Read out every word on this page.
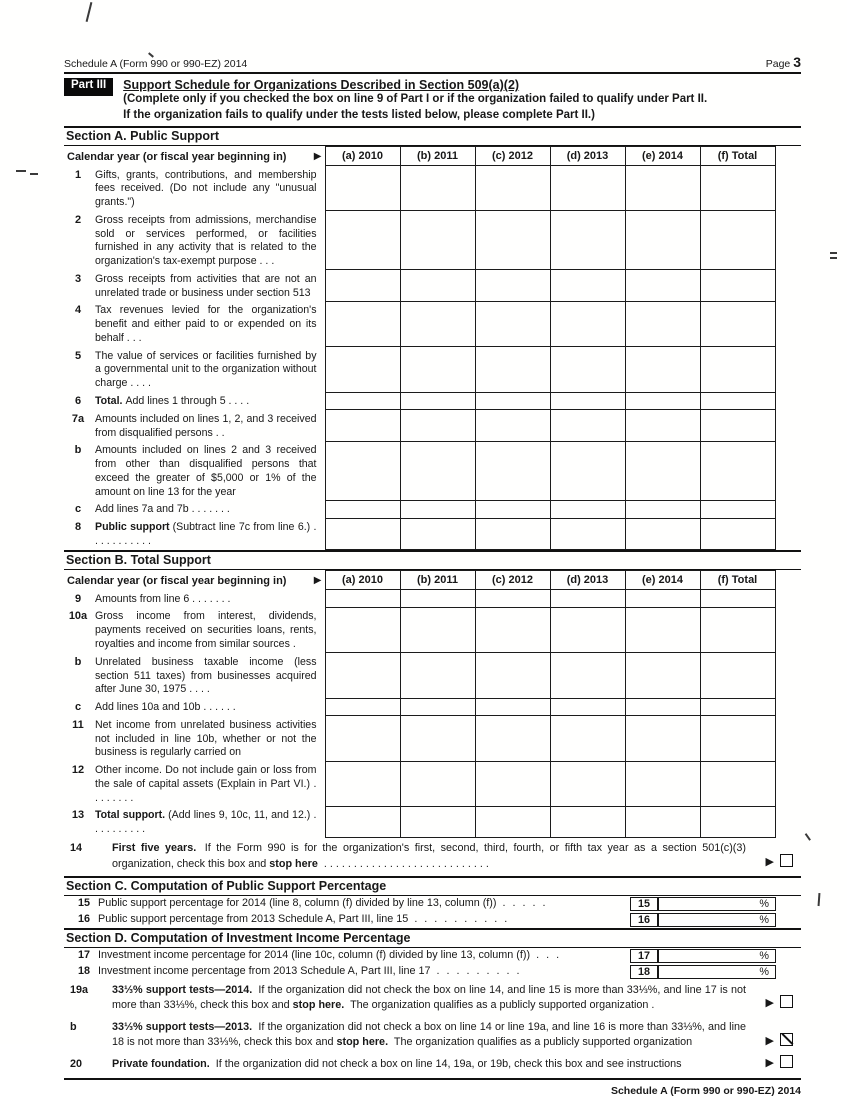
Schedule A (Form 990 or 990-EZ) 2014	Page 3
Part III	Support Schedule for Organizations Described in Section 509(a)(2)
(Complete only if you checked the box on line 9 of Part I or if the organization failed to qualify under Part II.
If the organization fails to qualify under the tests listed below, please complete Part II.)
Section A. Public Support
Calendar year (or fiscal year beginning in) ▶		(a) 2010	(b) 2011	(c) 2012	(d) 2013	(e) 2014	(f) Total
1	Gifts, grants, contributions, and membership fees received. (Do not include any "unusual grants.")						
2	Gross receipts from admissions, merchandise sold or services performed, or facilities furnished in any activity that is related to the organization's tax-exempt purpose . . .						
3	Gross receipts from activities that are not an unrelated trade or business under section 513						
4	Tax revenues levied for the organization's benefit and either paid to or expended on its behalf . . .						
5	The value of services or facilities furnished by a governmental unit to the organization without charge . . . .						
6	Total. Add lines 1 through 5 . . . .						
7a	Amounts included on lines 1, 2, and 3 received from disqualified persons . .						
b	Amounts included on lines 2 and 3 received from other than disqualified persons that exceed the greater of $5,000 or 1% of the amount on line 13 for the year						
c	Add lines 7a and 7b . . . . . . .						
8	Public support (Subtract line 7c from line 6.) . . . . . . . . . . .						
Section B. Total Support
Calendar year (or fiscal year beginning in) ▶		(a) 2010	(b) 2011	(c) 2012	(d) 2013	(e) 2014	(f) Total
9	Amounts from line 6 . . . . . . .						
10a	Gross income from interest, dividends, payments received on securities loans, rents, royalties and income from similar sources .						
b	Unrelated business taxable income (less section 511 taxes) from businesses acquired after June 30, 1975 . . . .						
c	Add lines 10a and 10b . . . . . .						
11	Net income from unrelated business activities not included in line 10b, whether or not the business is regularly carried on						
12	Other income. Do not include gain or loss from the sale of capital assets (Explain in Part VI.) . . . . . . . .						
13	Total support. (Add lines 9, 10c, 11, and 12.) . . . . . . . . . .						
14	First five years. If the Form 990 is for the organization's first, second, third, fourth, or fifth tax year as a section 501(c)(3) organization, check this box and stop here . . . . . . . . . . . . . . . . . . . . . . . . . . . .	▶
Section C. Computation of Public Support Percentage
15 Public support percentage for 2014 (line 8, column (f) divided by line 13, column (f)) . . . . .	15	%
16 Public support percentage from 2013 Schedule A, Part III, line 15 . . . . . . . . . .	16	%
Section D. Computation of Investment Income Percentage
17 Investment income percentage for 2014 (line 10c, column (f) divided by line 13, column (f)) . . .	17	%
18 Investment income percentage from 2013 Schedule A, Part III, line 17 . . . . . . . . .	18	%
19a 33⅓% support tests—2014. If the organization did not check the box on line 14, and line 15 is more than 33⅓%, and line 17 is not more than 33⅓%, check this box and stop here. The organization qualifies as a publicly supported organization .	▶
b	33⅓% support tests—2013. If the organization did not check a box on line 14 or line 19a, and line 16 is more than 33⅓%, and line 18 is not more than 33⅓%, check this box and stop here. The organization qualifies as a publicly supported organization	▶
20	Private foundation. If the organization did not check a box on line 14, 19a, or 19b, check this box and see instructions	▶
Schedule A (Form 990 or 990-EZ) 2014
